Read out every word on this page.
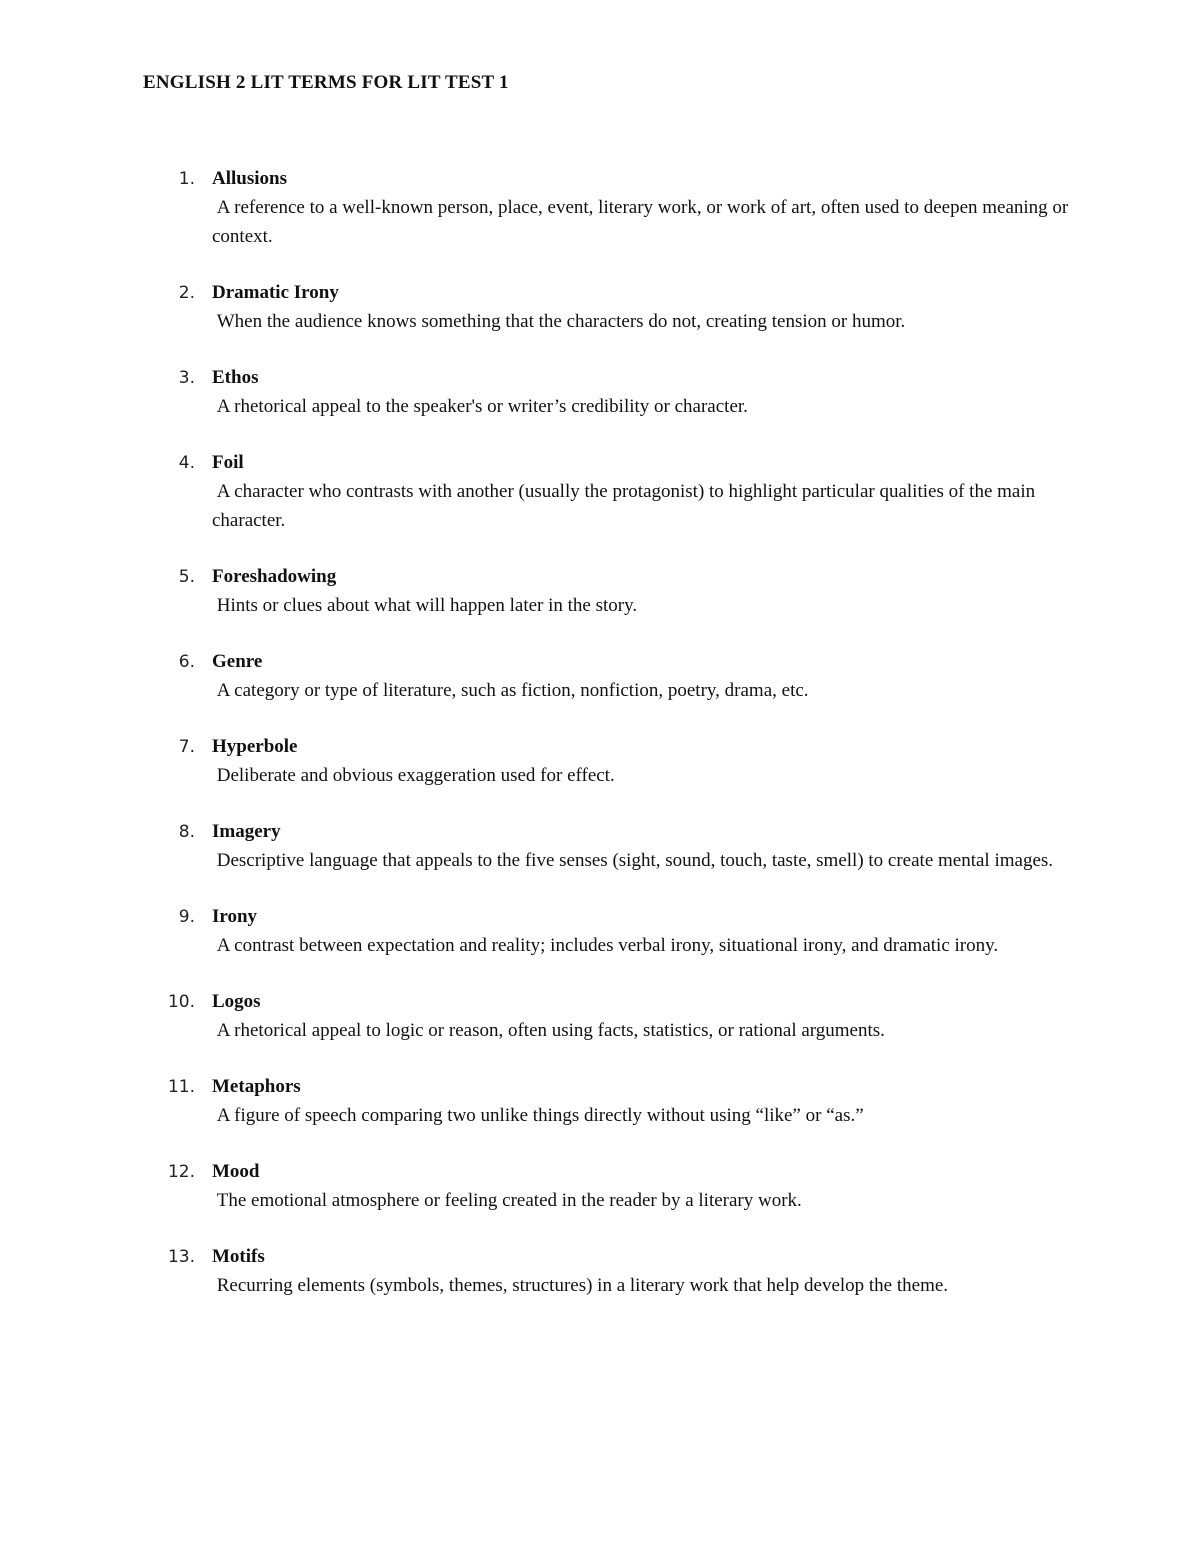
ENGLISH 2 LIT TERMS FOR LIT TEST 1
1. Allusions
A reference to a well-known person, place, event, literary work, or work of art, often used to deepen meaning or context.
2. Dramatic Irony
When the audience knows something that the characters do not, creating tension or humor.
3. Ethos
A rhetorical appeal to the speaker's or writer’s credibility or character.
4. Foil
A character who contrasts with another (usually the protagonist) to highlight particular qualities of the main character.
5. Foreshadowing
Hints or clues about what will happen later in the story.
6. Genre
A category or type of literature, such as fiction, nonfiction, poetry, drama, etc.
7. Hyperbole
Deliberate and obvious exaggeration used for effect.
8. Imagery
Descriptive language that appeals to the five senses (sight, sound, touch, taste, smell) to create mental images.
9. Irony
A contrast between expectation and reality; includes verbal irony, situational irony, and dramatic irony.
10. Logos
A rhetorical appeal to logic or reason, often using facts, statistics, or rational arguments.
11. Metaphors
A figure of speech comparing two unlike things directly without using “like” or “as.”
12. Mood
The emotional atmosphere or feeling created in the reader by a literary work.
13. Motifs
Recurring elements (symbols, themes, structures) in a literary work that help develop the theme.
